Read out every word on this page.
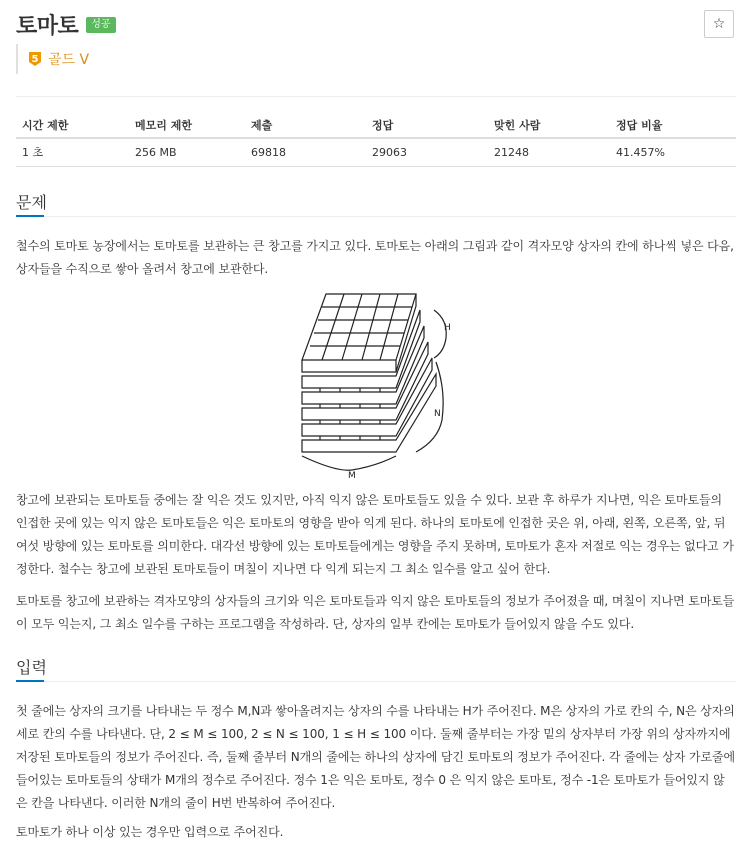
토마토	성공	☆
5 골드 V
시간 제한	메모리 제한	제출	정답	맞힌 사람	정답 비율
1 초	256 MB	69818	29063	21248	41.457%
문제
철수의 토마토 농장에서는 토마토를 보관하는 큰 창고를 가지고 있다. 토마토는 아래의 그림과 같이 격자모양 상자의 칸에 하나씩 넣은 다음, 상자들을 수직으로 쌓아 올려서 창고에 보관한다.
H
N
M
창고에 보관되는 토마토들 중에는 잘 익은 것도 있지만, 아직 익지 않은 토마토들도 있을 수 있다. 보관 후 하루가 지나면, 익은 토마토들의 인접한 곳에 있는 익지 않은 토마토들은 익은 토마토의 영향을 받아 익게 된다. 하나의 토마토에 인접한 곳은 위, 아래, 왼쪽, 오른쪽, 앞, 뒤 여섯 방향에 있는 토마토를 의미한다. 대각선 방향에 있는 토마토들에게는 영향을 주지 못하며, 토마토가 혼자 저절로 익는 경우는 없다고 가정한다. 철수는 창고에 보관된 토마토들이 며칠이 지나면 다 익게 되는지 그 최소 일수를 알고 싶어 한다.
토마토를 창고에 보관하는 격자모양의 상자들의 크기와 익은 토마토들과 익지 않은 토마토들의 정보가 주어졌을 때, 며칠이 지나면 토마토들이 모두 익는지, 그 최소 일수를 구하는 프로그램을 작성하라. 단, 상자의 일부 칸에는 토마토가 들어있지 않을 수도 있다.
입력
첫 줄에는 상자의 크기를 나타내는 두 정수 M,N과 쌓아올려지는 상자의 수를 나타내는 H가 주어진다. M은 상자의 가로 칸의 수, N은 상자의 세로 칸의 수를 나타낸다. 단, 2 ≤ M ≤ 100, 2 ≤ N ≤ 100, 1 ≤ H ≤ 100 이다. 둘째 줄부터는 가장 밑의 상자부터 가장 위의 상자까지에 저장된 토마토들의 정보가 주어진다. 즉, 둘째 줄부터 N개의 줄에는 하나의 상자에 담긴 토마토의 정보가 주어진다. 각 줄에는 상자 가로줄에 들어있는 토마토들의 상태가 M개의 정수로 주어진다. 정수 1은 익은 토마토, 정수 0 은 익지 않은 토마토, 정수 -1은 토마토가 들어있지 않은 칸을 나타낸다. 이러한 N개의 줄이 H번 반복하여 주어진다.
토마토가 하나 이상 있는 경우만 입력으로 주어진다.
